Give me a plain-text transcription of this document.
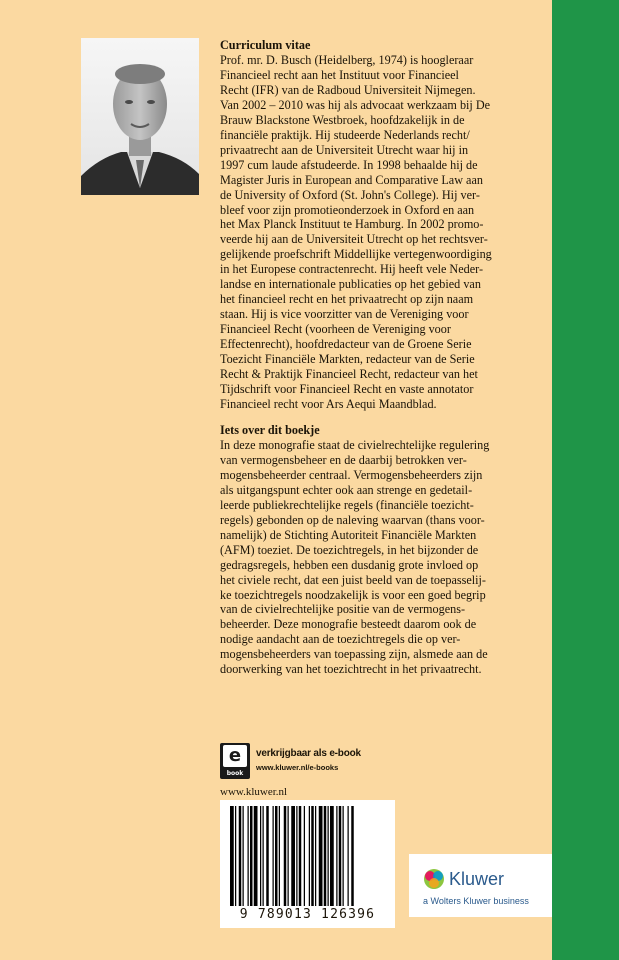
Curriculum vitae

Prof. mr. D. Busch (Heidelberg, 1974) is hoogleraar
Financieel recht aan het Instituut voor Financieel
Recht (IFR) van de Radboud Universiteit Nijmegen.
Van 2002 – 2010 was hij als advocaat werkzaam bij De
Brauw Blackstone Westbroek, hoofdzakelijk in de
financiële praktijk. Hij studeerde Nederlands recht/
privaatrecht aan de Universiteit Utrecht waar hij in
1997 cum laude afstudeerde. In 1998 behaalde hij de
Magister Juris in European and Comparative Law aan
de University of Oxford (St. John's College). Hij ver-
bleef voor zijn promotieonderzoek in Oxford en aan
het Max Planck Instituut te Hamburg. In 2002 promo-
veerde hij aan de Universiteit Utrecht op het rechtsver-
gelijkende proefschrift Middellijke vertegenwoordiging
in het Europese contractenrecht. Hij heeft vele Neder-
landse en internationale publicaties op het gebied van
het financieel recht en het privaatrecht op zijn naam
staan. Hij is vice voorzitter van de Vereniging voor
Financieel Recht (voorheen de Vereniging voor
Effectenrecht), hoofdredacteur van de Groene Serie
Toezicht Financiële Markten, redacteur van de Serie
Recht & Praktijk Financieel Recht, redacteur van het
Tijdschrift voor Financieel Recht en vaste annotator
Financieel recht voor Ars Aequi Maandblad.

Iets over dit boekje

In deze monografie staat de civielrechtelijke regulering
van vermogensbeheer en de daarbij betrokken ver-
mogensbeheerder centraal. Vermogensbeheerders zijn
als uitgangspunt echter ook aan strenge en gedetail-
leerde publiekrechtelijke regels (financiële toezicht-
regels) gebonden op de naleving waarvan (thans voor-
namelijk) de Stichting Autoriteit Financiële Markten
(AFM) toeziet. De toezichtregels, in het bijzonder de
gedragsregels, hebben een dusdanig grote invloed op
het civiele recht, dat een juist beeld van de toepasselij-
ke toezichtregels noodzakelijk is voor een goed begrip
van de civielrechtelijke positie van de vermogens-
beheerder. Deze monografie besteedt daarom ook de
nodige aandacht aan de toezichtregels die op ver-
mogensbeheerders van toepassing zijn, alsmede aan de
doorwerking van het toezichtrecht in het privaatrecht.

e
book

verkrijgbaar als e-book

www.kluwer.nl/e-books

www.kluwer.nl

9 789013 126396

Kluwer

a Wolters Kluwer business
